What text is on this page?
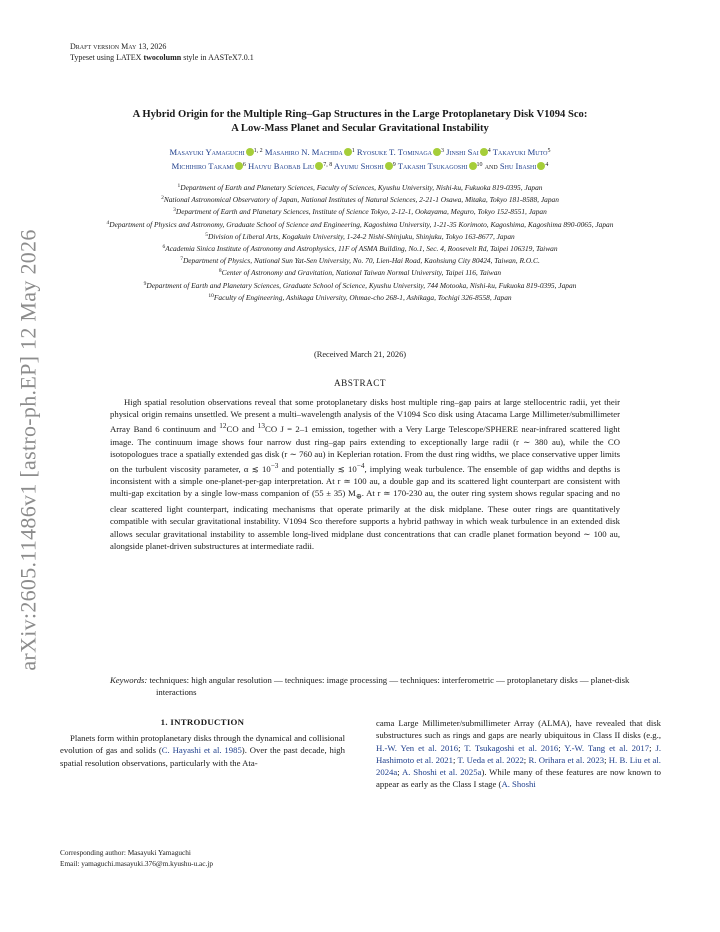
arXiv:2605.11486v1 [astro-ph.EP] 12 May 2026
Draft version May 13, 2026
Typeset using LATEX twocolumn style in AASTeX7.0.1
A Hybrid Origin for the Multiple Ring–Gap Structures in the Large Protoplanetary Disk V1094 Sco:
A Low-Mass Planet and Secular Gravitational Instability
Masayuki Yamaguchi $^{1, 2}$ Masahiro N. Machida $^1$ Ryosuke T. Tominaga $^3$ Jinshi Sai $^4$ Takayuki Muto$^5$
Michihiro Takami $^6$ Hauyu Baobab Liu $^{7, 8}$ Ayumu Shoshi $^9$ Takashi Tsukagoshi $^{10}$ and Shu Ibashi $^4$

$^1$Department of Earth and Planetary Sciences, Faculty of Sciences, Kyushu University, Nishi-ku, Fukuoka 819-0395, Japan

$^2$National Astronomical Observatory of Japan, National Institutes of Natural Sciences, 2-21-1 Osawa, Mitaka, Tokyo 181-8588, Japan

$^3$Department of Earth and Planetary Sciences, Institute of Science Tokyo, 2-12-1, Ookayama, Meguro, Tokyo 152-8551, Japan

$^4$Department of Physics and Astronomy, Graduate School of Science and Engineering, Kagoshima University, 1-21-35 Korimoto, Kagoshima, Kagoshima 890-0065, Japan

$^5$Division of Liberal Arts, Kogakuin University, 1-24-2 Nishi-Shinjuku, Shinjuku, Tokyo 163-8677, Japan

$^6$Academia Sinica Institute of Astronomy and Astrophysics, 11F of ASMA Building, No.1, Sec. 4, Roosevelt Rd, Taipei 106319, Taiwan

$^7$Department of Physics, National Sun Yat-Sen University, No. 70, Lien-Hai Road, Kaohsiung City 80424, Taiwan, R.O.C.

$^8$Center of Astronomy and Gravitation, National Taiwan Normal University, Taipei 116, Taiwan

$^9$Department of Earth and Planetary Sciences, Graduate School of Science, Kyushu University, 744 Motooka, Nishi-ku, Fukuoka 819-0395, Japan

$^{10}$Faculty of Engineering, Ashikaga University, Ohmae-cho 268-1, Ashikaga, Tochigi 326-8558, Japan

(Received March 21, 2026)
ABSTRACT

High spatial resolution observations reveal that some protoplanetary disks host multiple ring–gap pairs at large stellocentric radii, yet their physical origin remains unsettled. We present a multi–wavelength analysis of the V1094 Sco disk using Atacama Large Millimeter/submillimeter Array Band 6 continuum and $^{12}$CO and $^{13}$CO J = 2–1 emission, together with a Very Large Telescope/SPHERE near-infrared scattered light image. The continuum image shows four narrow dust ring–gap pairs extending to exceptionally large radii (r ∼ 380 au), while the CO isotopologues trace a spatially extended gas disk (r ∼ 760 au) in Keplerian rotation. From the dust ring widths, we place conservative upper limits on the turbulent viscosity parameter, α ≲ $10^{-3}$ and potentially ≲ $10^{-4}$, implying weak turbulence. The ensemble of gap widths and depths is inconsistent with a simple one-planet-per-gap interpretation. At r ≃ 100 au, a double gap and its scattered light counterpart are consistent with multi-gap excitation by a single low-mass companion of (55 ± 35) $M_\oplus$. At r ≃ 170-230 au, the outer ring system shows regular spacing and no clear scattered light counterpart, indicating mechanisms that operate primarily at the disk midplane. These outer rings are quantitatively compatible with secular gravitational instability. V1094 Sco therefore supports a hybrid pathway in which weak turbulence in an extended disk allows secular gravitational instability to assemble long-lived midplane dust concentrations that can cradle planet formation beyond ∼ 100 au, alongside planet-driven substructures at intermediate radii.

Keywords: techniques: high angular resolution — techniques: image processing — techniques: interferometric — protoplanetary disks — planet-disk interactions

1. INTRODUCTION

Planets form within protoplanetary disks through the dynamical and collisional evolution of gas and solids (C. Hayashi et al. 1985). Over the past decade, high spatial resolution observations, particularly with the Ata-

cama Large Millimeter/submillimeter Array (ALMA), have revealed that disk substructures such as rings and gaps are nearly ubiquitous in Class II disks (e.g., H.-W. Yen et al. 2016; T. Tsukagoshi et al. 2016; Y.-W. Tang et al. 2017; J. Hashimoto et al. 2021; T. Ueda et al. 2022; R. Orihara et al. 2023; H. B. Liu et al. 2024a; A. Shoshi et al. 2025a). While many of these features are now known to appear as early as the Class I stage (A. Shoshi

Corresponding author: Masayuki Yamaguchi
Email: yamaguchi.masayuki.376@m.kyushu-u.ac.jp
